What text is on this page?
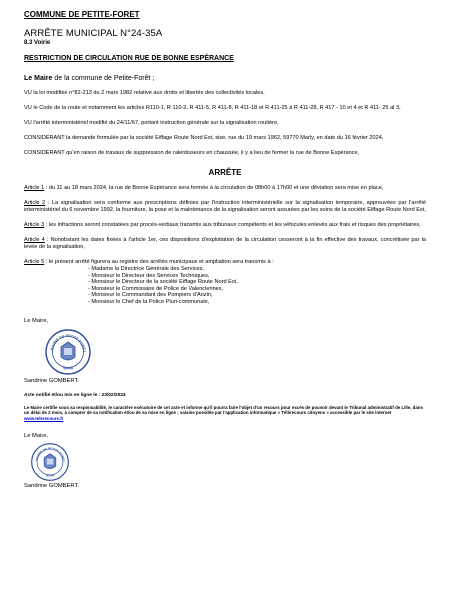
COMMUNE DE PETITE-FORET
ARRÊTE MUNICIPAL N°24-35A
8.3 Voirie
RESTRICTION DE CIRCULATION RUE DE BONNE ESPÉRANCE

Le Maire de la commune de Petite-Forêt ;

VU la loi modifiée n°82-213 du 2 mars 1982 relative aux droits et libertés des collectivités locales,

VU le Code de la route et notamment les articles R110-1, R 110-2, R 411-5, R 411-8, R 411-18 et R 411-25 à R 411-28, R 417 - 10 et 4 et R 411- 25 al 3,

VU l'arrêté interministériel modifié du 24/11/67, portant instruction générale sur la signalisation routière,

CONSIDÉRANT la demande formulée par la société Eiffage Route Nord Est, sise, rue du 19 mars 1962, 59770 Marly, en date du 16 février 2024,

CONSIDÉRANT qu'en raison de travaux de suppression de ralentisseurs en chaussée, il y a lieu de fermer la rue de Bonne Espérance,

ARRÊTE

Article 1 : du 11 au 18 mars 2024, la rue de Bonne Espérance sera fermée à la circulation de 08h00 à 17h00 et une déviation sera mise en place,

Article 2 : La signalisation sera conforme aux prescriptions définies par l'instruction interministérielle sur la signalisation temporaire, approuvées par l'arrêté interministériel du 6 novembre 1992, la fourniture, la pose et la maintenance de la signalisation seront assurées par les soins de la société Eiffage Route Nord Est,

Article 3 : les infractions seront constatées par procès-verbaux transmis aux tribunaux compétents et les véhicules enlevés aux frais et risques des propriétaires,

Article 4 : Nonobstant les dates fixées à l'article 1er, ces dispositions d'exploitation de la circulation cesseront à la fin effective des travaux, concrétisée par la levée de la signalisation,

Article 5 : le présent arrêté figurera au registre des arrêtés municipaux et ampliation sera transmis à :

- Madame la Directrice Générale des Services,
- Monsieur le Directeur des Services Techniques,
- Monsieur le Directeur de la société Eiffage Route Nord Est,
- Monsieur le Commissaire de Police de Valenciennes,
- Monsieur le Commandant des Pompiers d'Anzin,
- Monsieur le Chef de la Police Pluri-communale,
Le Maire,
MAIRIE DE PETITE-FORÊT
59494
Sandrine GOMBERT.

Acte notifié et/ou mis en ligne le : 23/02/2024

Le Maire certifie sous sa responsabilité, le caractère exécutoire de cet acte et informe qu'il pourra faire l'objet d'un recours pour excès de pouvoir devant le Tribunal administratif de Lille, dans un délai de 2 mois, à compter de sa notification et/ou de sa mise en ligne ; saisine possible par l'application informatique « Télérecours citoyens » accessible par le site internet www.telerecours.fr

Le Maire,
MAIRIE DE PETITE-FORÊT
59494
Sandrine GOMBERT.
